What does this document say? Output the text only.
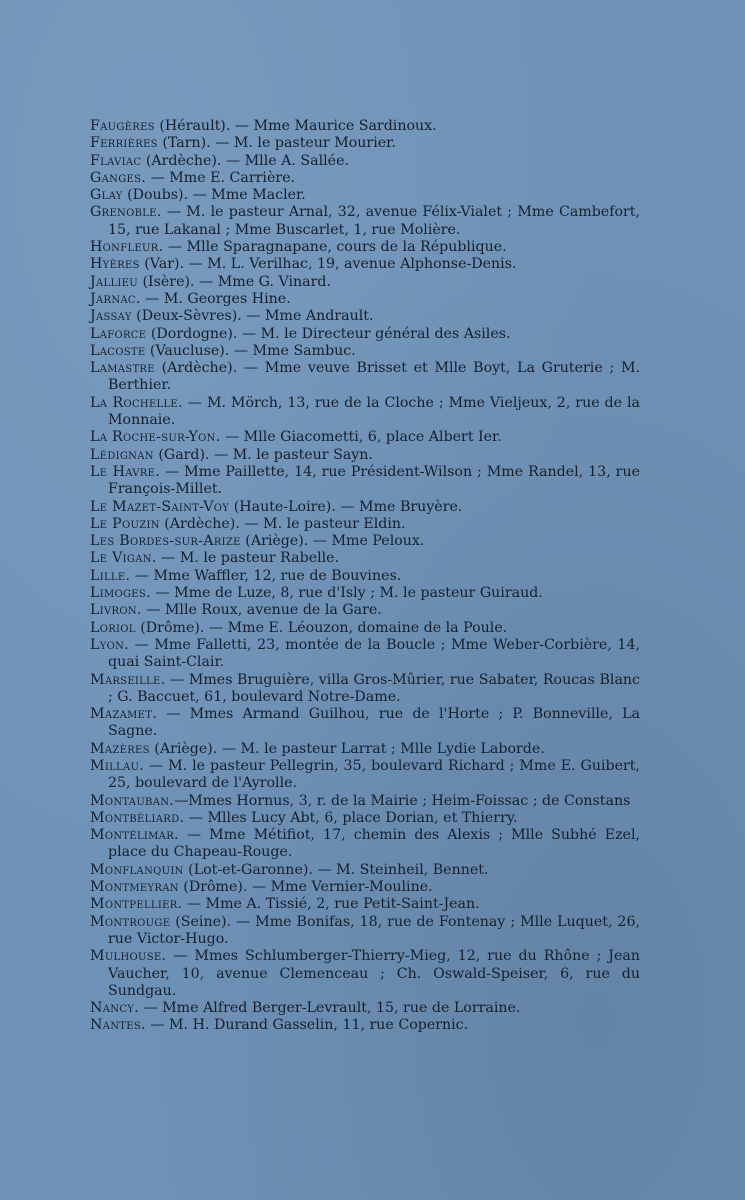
Faugères (Hérault). — Mme Maurice Sardinoux.

Ferrières (Tarn). — M. le pasteur Mourier.

Flaviac (Ardèche). — Mlle A. Sallée.

Ganges. — Mme E. Carrière.

Glay (Doubs). — Mme Macler.

Grenoble. — M. le pasteur Arnal, 32, avenue Félix-Vialet ; Mme Cambefort, 15, rue Lakanal ; Mme Buscarlet, 1, rue Molière.

Honfleur. — Mlle Sparagnapane, cours de la République.

Hyères (Var). — M. L. Verilhac, 19, avenue Alphonse-Denis.

Jallieu (Isère). — Mme G. Vinard.

Jarnac. — M. Georges Hine.

Jassay (Deux-Sèvres). — Mme Andrault.

Laforce (Dordogne). — M. le Directeur général des Asiles.

Lacoste (Vaucluse). — Mme Sambuc.

Lamastre (Ardèche). — Mme veuve Brisset et Mlle Boyt, La Gruterie ; M. Berthier.

La Rochelle. — M. Mörch, 13, rue de la Cloche ; Mme Vieljeux, 2, rue de la Monnaie.

La Roche-sur-Yon. — Mlle Giacometti, 6, place Albert Ier.

Lédignan (Gard). — M. le pasteur Sayn.

Le Havre. — Mme Paillette, 14, rue Président-Wilson ; Mme Randel, 13, rue François-Millet.

Le Mazet-Saint-Voy (Haute-Loire). — Mme Bruyère.

Le Pouzin (Ardèche). — M. le pasteur Eldin.

Les Bordes-sur-Arize (Ariège). — Mme Peloux.

Le Vigan. — M. le pasteur Rabelle.

Lille. — Mme Waffler, 12, rue de Bouvines.

Limoges. — Mme de Luze, 8, rue d'Isly ; M. le pasteur Guiraud.

Livron. — Mlle Roux, avenue de la Gare.

Loriol (Drôme). — Mme E. Léouzon, domaine de la Poule.

Lyon. — Mme Falletti, 23, montée de la Boucle ; Mme Weber-Corbière, 14, quai Saint-Clair.

Marseille. — Mmes Bruguière, villa Gros-Mûrier, rue Sabater, Roucas Blanc ; G. Baccuet, 61, boulevard Notre-Dame.

Mazamet. — Mmes Armand Guilhou, rue de l'Horte ; P. Bonneville, La Sagne.

Mazères (Ariège). — M. le pasteur Larrat ; Mlle Lydie Laborde.

Millau. — M. le pasteur Pellegrin, 35, boulevard Richard ; Mme E. Guibert, 25, boulevard de l'Ayrolle.

Montauban.—Mmes Hornus, 3, r. de la Mairie ; Heim-Foissac ; de Constans

Montbéliard. — Mlles Lucy Abt, 6, place Dorian, et Thierry.

Montélimar. — Mme Métifiot, 17, chemin des Alexis ; Mlle Subhé Ezel, place du Chapeau-Rouge.

Monflanquin (Lot-et-Garonne). — M. Steinheil, Bennet.

Montmeyran (Drôme). — Mme Vernier-Mouline.

Montpellier. — Mme A. Tissié, 2, rue Petit-Saint-Jean.

Montrouge (Seine). — Mme Bonifas, 18, rue de Fontenay ; Mlle Luquet, 26, rue Victor-Hugo.

Mulhouse. — Mmes Schlumberger-Thierry-Mieg, 12, rue du Rhône ; Jean Vaucher, 10, avenue Clemenceau ; Ch. Oswald-Speiser, 6, rue du Sundgau.

Nancy. — Mme Alfred Berger-Levrault, 15, rue de Lorraine.

Nantes. — M. H. Durand Gasselin, 11, rue Copernic.
